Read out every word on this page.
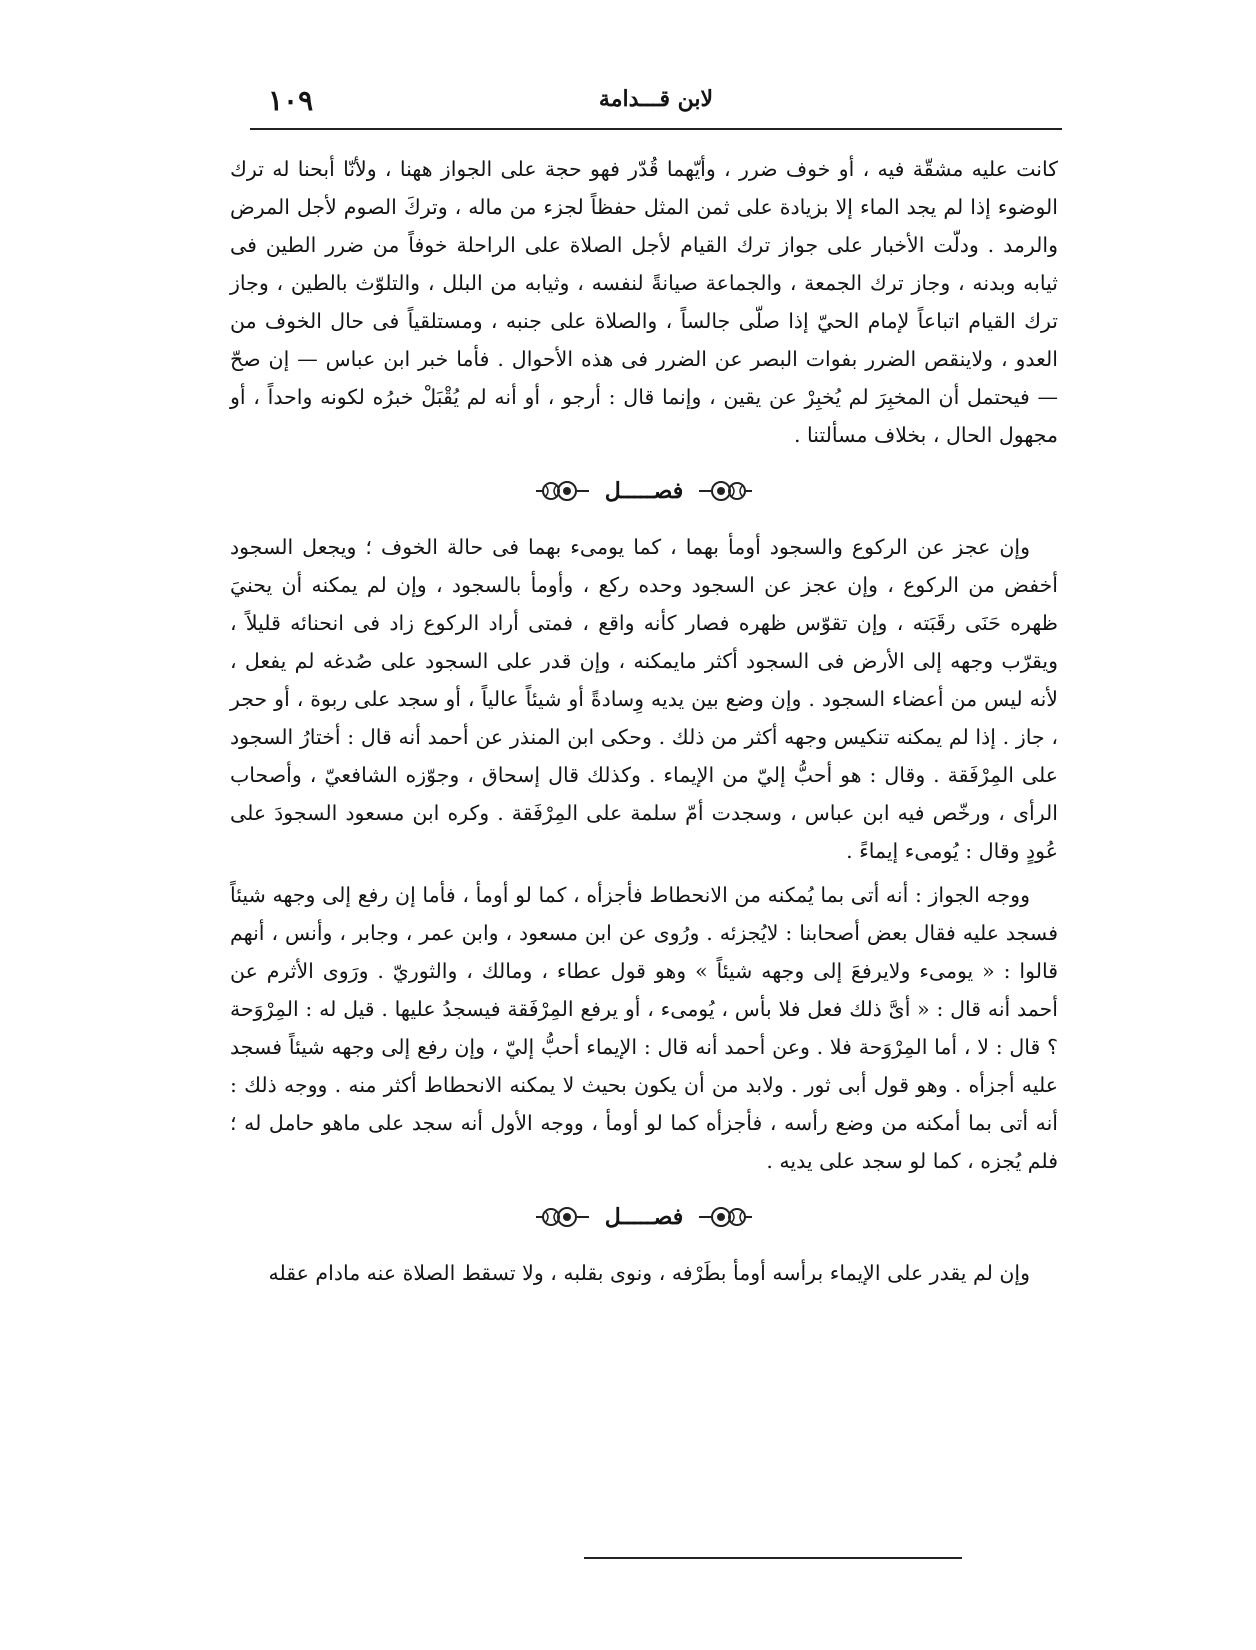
١٠٩	لابن قـــدامة

كانت عليه مشقّة فيه ، أو خوف ضرر ، وأيّهما قُدّر فهو حجة على الجواز ههنا ، ولأنّا أبحنا له ترك الوضوء إذا لم يجد الماء إلا بزيادة على ثمن المثل حفظاً لجزء من ماله ، وتركَ الصوم لأجل المرض والرمد . ودلّت الأخبار على جواز ترك القيام لأجل الصلاة على الراحلة خوفاً من ضرر الطين فى ثيابه وبدنه ، وجاز ترك الجمعة ، والجماعة صيانةً لنفسه ، وثيابه من البلل ، والتلوّث بالطين ، وجاز ترك القيام اتباعاً لإمام الحيّ إذا صلّى جالساً ، والصلاة على جنبه ، ومستلقياً فى حال الخوف من العدو ، ولاينقص الضرر بفوات البصر عن الضرر فى هذه الأحوال . فأما خبر ابن عباس — إن صحّ — فيحتمل أن المخبِرَ لم يُخبِرْ عن يقين ، وإنما قال : أرجو ، أو أنه لم يُقْبَلْ خبرُه لكونه واحداً ، أو مجهول الحال ، بخلاف مسألتنا .

فصـــــل

وإن عجز عن الركوع والسجود أومأ بهما ، كما يومىء بهما فى حالة الخوف ؛ ويجعل السجود أخفض من الركوع ، وإن عجز عن السجود وحده ركع ، وأومأ بالسجود ، وإن لم يمكنه أن يحنيَ ظهره حَنَى رقَبَته ، وإن تقوّس ظهره فصار كأنه واقع ، فمتى أراد الركوع زاد فى انحنائه قليلاً ، ويقرّب وجهه إلى الأرض فى السجود أكثر مايمكنه ، وإن قدر على السجود على صُدغه لم يفعل ، لأنه ليس من أعضاء السجود . وإن وضع بين يديه وِسادةً أو شيئاً عالياً ، أو سجد على ربوة ، أو حجر ، جاز . إذا لم يمكنه تنكيس وجهه أكثر من ذلك . وحكى ابن المنذر عن أحمد أنه قال : أختارُ السجود على المِرْفَقة . وقال : هو أحبُّ إليّ من الإيماء . وكذلك قال إسحاق ، وجوّزه الشافعيّ ، وأصحاب الرأى ، ورخّص فيه ابن عباس ، وسجدت أمّ سلمة على المِرْفَقة . وكره ابن مسعود السجودَ على عُودٍ وقال : يُومىء إيماءً .

ووجه الجواز : أنه أتى بما يُمكنه من الانحطاط فأجزأه ، كما لو أومأ ، فأما إن رفع إلى وجهه شيئاً فسجد عليه فقال بعض أصحابنا : لايُجزئه . ورُوى عن ابن مسعود ، وابن عمر ، وجابر ، وأنس ، أنهم قالوا : « يومىء ولايرفعَ إلى وجهه شيئاً » وهو قول عطاء ، ومالك ، والثوريّ . ورَوى الأثرم عن أحمد أنه قال : « أىَّ ذلك فعل فلا بأس ، يُومىء ، أو يرفع المِرْفَقة فيسجدُ عليها . قيل له : المِرْوَحة ؟ قال : لا ، أما المِرْوَحة فلا . وعن أحمد أنه قال : الإيماء أحبُّ إليّ ، وإن رفع إلى وجهه شيئاً فسجد عليه أجزأه . وهو قول أبى ثور . ولابد من أن يكون بحيث لا يمكنه الانحطاط أكثر منه . ووجه ذلك : أنه أتى بما أمكنه من وضع رأسه ، فأجزأه كما لو أومأ ، ووجه الأول أنه سجد على ماهو حامل له ؛ فلم يُجزه ، كما لو سجد على يديه .

فصـــــل

وإن لم يقدر على الإيماء برأسه أومأ بطَرْفه ، ونوى بقلبه ، ولا تسقط الصلاة عنه مادام عقله
